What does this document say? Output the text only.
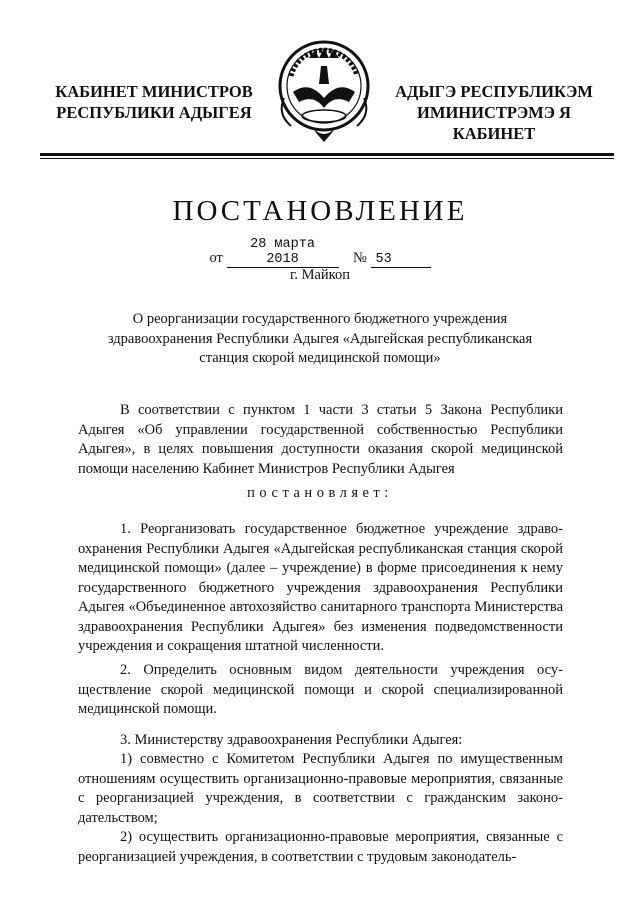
КАБИНЕТ МИНИСТРОВ
РЕСПУБЛИКИ АДЫГЕЯ
АДЫГЭ РЕСПУБЛИКЭМ
ИМИНИСТРЭМЭ Я КАБИНЕТ
ПОСТАНОВЛЕНИЕ
от 28 марта 2018	№ 53
г. Майкоп
О реорганизации государственного бюджетного учреждения здравоохранения Республики Адыгея «Адыгейская республиканская станция скорой медицинской помощи»
В соответствии с пунктом 1 части 3 статьи 5 Закона Республики Адыгея «Об управлении государственной собственностью Республики Адыгея», в целях повышения доступности оказания скорой медицинской помощи населению Кабинет Министров Республики Адыгея
постановляет:
1. Реорганизовать государственное бюджетное учреждение здравоохранения Республики Адыгея «Адыгейская республиканская станция скорой медицинской помощи» (далее – учреждение) в форме присоединения к нему государственного бюджетного учреждения здравоохранения Республики Адыгея «Объединенное автохозяйство санитарного транспорта Министерства здравоохранения Республики Адыгея» без изменения подведомственности учреждения и сокращения штатной численности.
2. Определить основным видом деятельности учреждения осуществление скорой медицинской помощи и скорой специализированной медицинской помощи.
3. Министерству здравоохранения Республики Адыгея:
1) совместно с Комитетом Республики Адыгея по имущественным отношениям осуществить организационно-правовые мероприятия, связанные с реорганизацией учреждения, в соответствии с гражданским законодательством;
2) осуществить организационно-правовые мероприятия, связанные с реорганизацией учреждения, в соответствии с трудовым законодатель-
